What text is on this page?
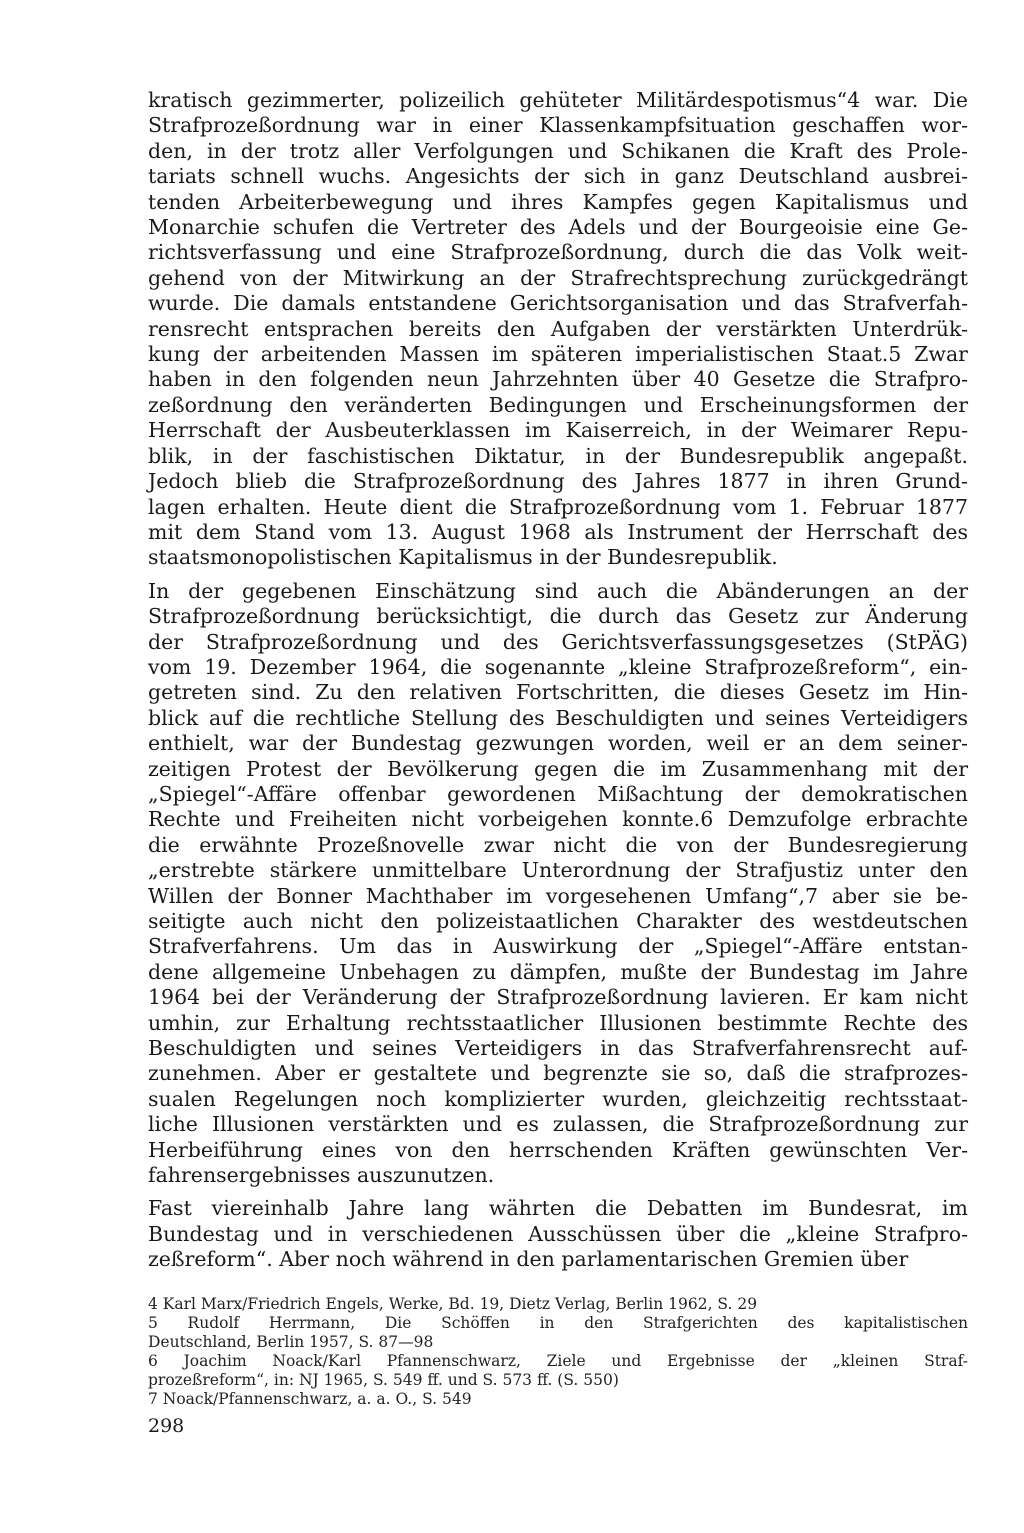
kratisch gezimmerter, polizeilich gehüteter Militärdespotismus“4 war. Die
Strafprozeßordnung war in einer Klassenkampfsituation geschaffen wor-
den, in der trotz aller Verfolgungen und Schikanen die Kraft des Prole-
tariats schnell wuchs. Angesichts der sich in ganz Deutschland ausbrei-
tenden Arbeiterbewegung und ihres Kampfes gegen Kapitalismus und
Monarchie schufen die Vertreter des Adels und der Bourgeoisie eine Ge-
richtsverfassung und eine Strafprozeßordnung, durch die das Volk weit-
gehend von der Mitwirkung an der Strafrechtsprechung zurückgedrängt
wurde. Die damals entstandene Gerichtsorganisation und das Strafverfah-
rensrecht entsprachen bereits den Aufgaben der verstärkten Unterdrük-
kung der arbeitenden Massen im späteren imperialistischen Staat.5 Zwar
haben in den folgenden neun Jahrzehnten über 40 Gesetze die Strafpro-
zeßordnung den veränderten Bedingungen und Erscheinungsformen der
Herrschaft der Ausbeuterklassen im Kaiserreich, in der Weimarer Repu-
blik, in der faschistischen Diktatur, in der Bundesrepublik angepaßt.
Jedoch blieb die Strafprozeßordnung des Jahres 1877 in ihren Grund-
lagen erhalten. Heute dient die Strafprozeßordnung vom 1. Februar 1877
mit dem Stand vom 13. August 1968 als Instrument der Herrschaft des
staatsmonopolistischen Kapitalismus in der Bundesrepublik.

In der gegebenen Einschätzung sind auch die Abänderungen an der
Strafprozeßordnung berücksichtigt, die durch das Gesetz zur Änderung
der Strafprozeßordnung und des Gerichtsverfassungsgesetzes (StPÄG)
vom 19. Dezember 1964, die sogenannte „kleine Strafprozeßreform“, ein-
getreten sind. Zu den relativen Fortschritten, die dieses Gesetz im Hin-
blick auf die rechtliche Stellung des Beschuldigten und seines Verteidigers
enthielt, war der Bundestag gezwungen worden, weil er an dem seiner-
zeitigen Protest der Bevölkerung gegen die im Zusammenhang mit der
„Spiegel“-Affäre offenbar gewordenen Mißachtung der demokratischen
Rechte und Freiheiten nicht vorbeigehen konnte.6 Demzufolge erbrachte
die erwähnte Prozeßnovelle zwar nicht die von der Bundesregierung
„erstrebte stärkere unmittelbare Unterordnung der Strafjustiz unter den
Willen der Bonner Machthaber im vorgesehenen Umfang“,7 aber sie be-
seitigte auch nicht den polizeistaatlichen Charakter des westdeutschen
Strafverfahrens. Um das in Auswirkung der „Spiegel“-Affäre entstan-
dene allgemeine Unbehagen zu dämpfen, mußte der Bundestag im Jahre
1964 bei der Veränderung der Strafprozeßordnung lavieren. Er kam nicht
umhin, zur Erhaltung rechtsstaatlicher Illusionen bestimmte Rechte des
Beschuldigten und seines Verteidigers in das Strafverfahrensrecht auf-
zunehmen. Aber er gestaltete und begrenzte sie so, daß die strafprozes-
sualen Regelungen noch komplizierter wurden, gleichzeitig rechtsstaat-
liche Illusionen verstärkten und es zulassen, die Strafprozeßordnung zur
Herbeiführung eines von den herrschenden Kräften gewünschten Ver-
fahrensergebnisses auszunutzen.

Fast viereinhalb Jahre lang währten die Debatten im Bundesrat, im
Bundestag und in verschiedenen Ausschüssen über die „kleine Strafpro-
zeßreform“. Aber noch während in den parlamentarischen Gremien über

4 Karl Marx/Friedrich Engels, Werke, Bd. 19, Dietz Verlag, Berlin 1962, S. 29
5 Rudolf Herrmann, Die Schöffen in den Strafgerichten des kapitalistischen
Deutschland, Berlin 1957, S. 87—98
6 Joachim Noack/Karl Pfannenschwarz, Ziele und Ergebnisse der „kleinen Straf-
prozeßreform“, in: NJ 1965, S. 549 ff. und S. 573 ff. (S. 550)
7 Noack/Pfannenschwarz, a. a. O., S. 549
298
